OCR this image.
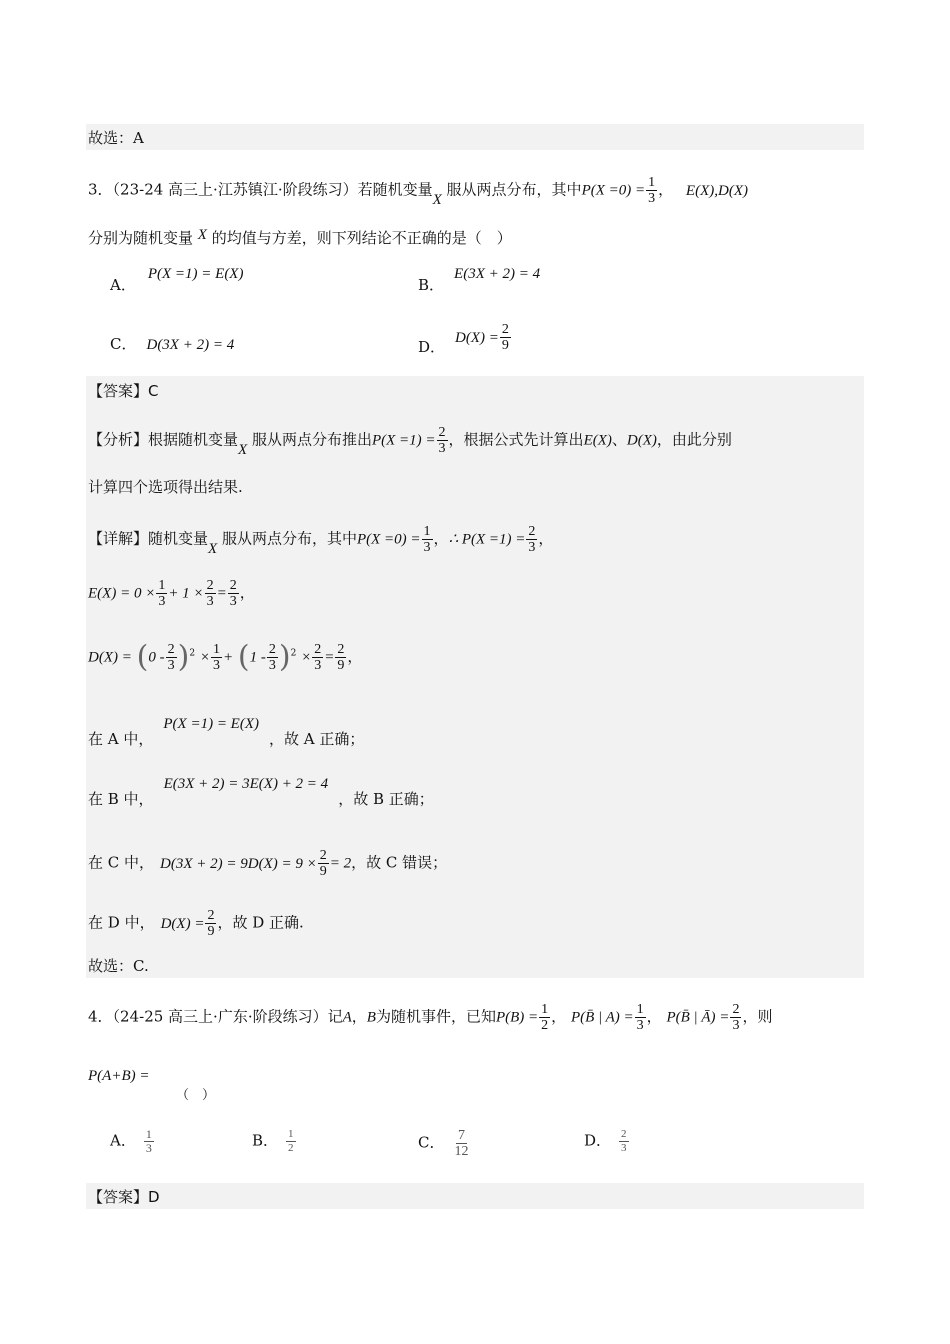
故选：A
3．（23-24 高三上·江苏镇江·阶段练习）若随机变量X 服从两点分布，其中$P(X =0) = \frac{1}{3}$ ， E(X),D(X)
分别为随机变量 X 的均值与方差，则下列结论不正确的是（　）
A．P(X =1) = E(X)
B．E(3X + 2) = 4
C． D(3X + 2) = 4	D． $D(X) = \frac{2}{9}$
【答案】C
【分析】根据随机变量X 服从两点分布推出$P(X =1) = \frac{2}{3}$ ，根据公式先计算出E(X)、D(X)，由此分别
计算四个选项得出结果.
【详解】随机变量X 服从两点分布，其中$P(X =0) = \frac{1}{3}$ ，∴ $P(X =1) = \frac{2}{3}$ ，
$E(X) = 0 \times \frac{1}{3} + 1 \times \frac{2}{3} = \frac{2}{3}$ ，
$D(X) = (0 - \frac{2}{3} )^2 \times \frac{1}{3} + (1 - \frac{2}{3} )^2 \times \frac{2}{3} = \frac{2}{9}$ ，
在 A 中，P(X =1) = E(X)，故 A 正确；
在 B 中，E(3X + 2) = 3E(X) + 2 = 4，故 B 正确；
在 C 中， $D(3X + 2) = 9D(X) = 9 \times \frac{2}{9} = 2$，故 C 错误；
在 D 中， $D(X) = \frac{2}{9}$ ，故 D 正确.
故选：C.
4．（24-25 高三上·广东·阶段练习）记A，B为随机事件，已知$P(B) = \frac{1}{2}$ ， P(B̄ | $A) = \frac{1}{3}$ ， P(B̄ | Ā) = $\frac{2}{3}$ ，则
P(A+B) =
（　）
A． $\frac{1}{3}$	B． $\frac{1}{2}$	C． $\frac{7}{12}$	D． $\frac{2}{3}$
【答案】D
